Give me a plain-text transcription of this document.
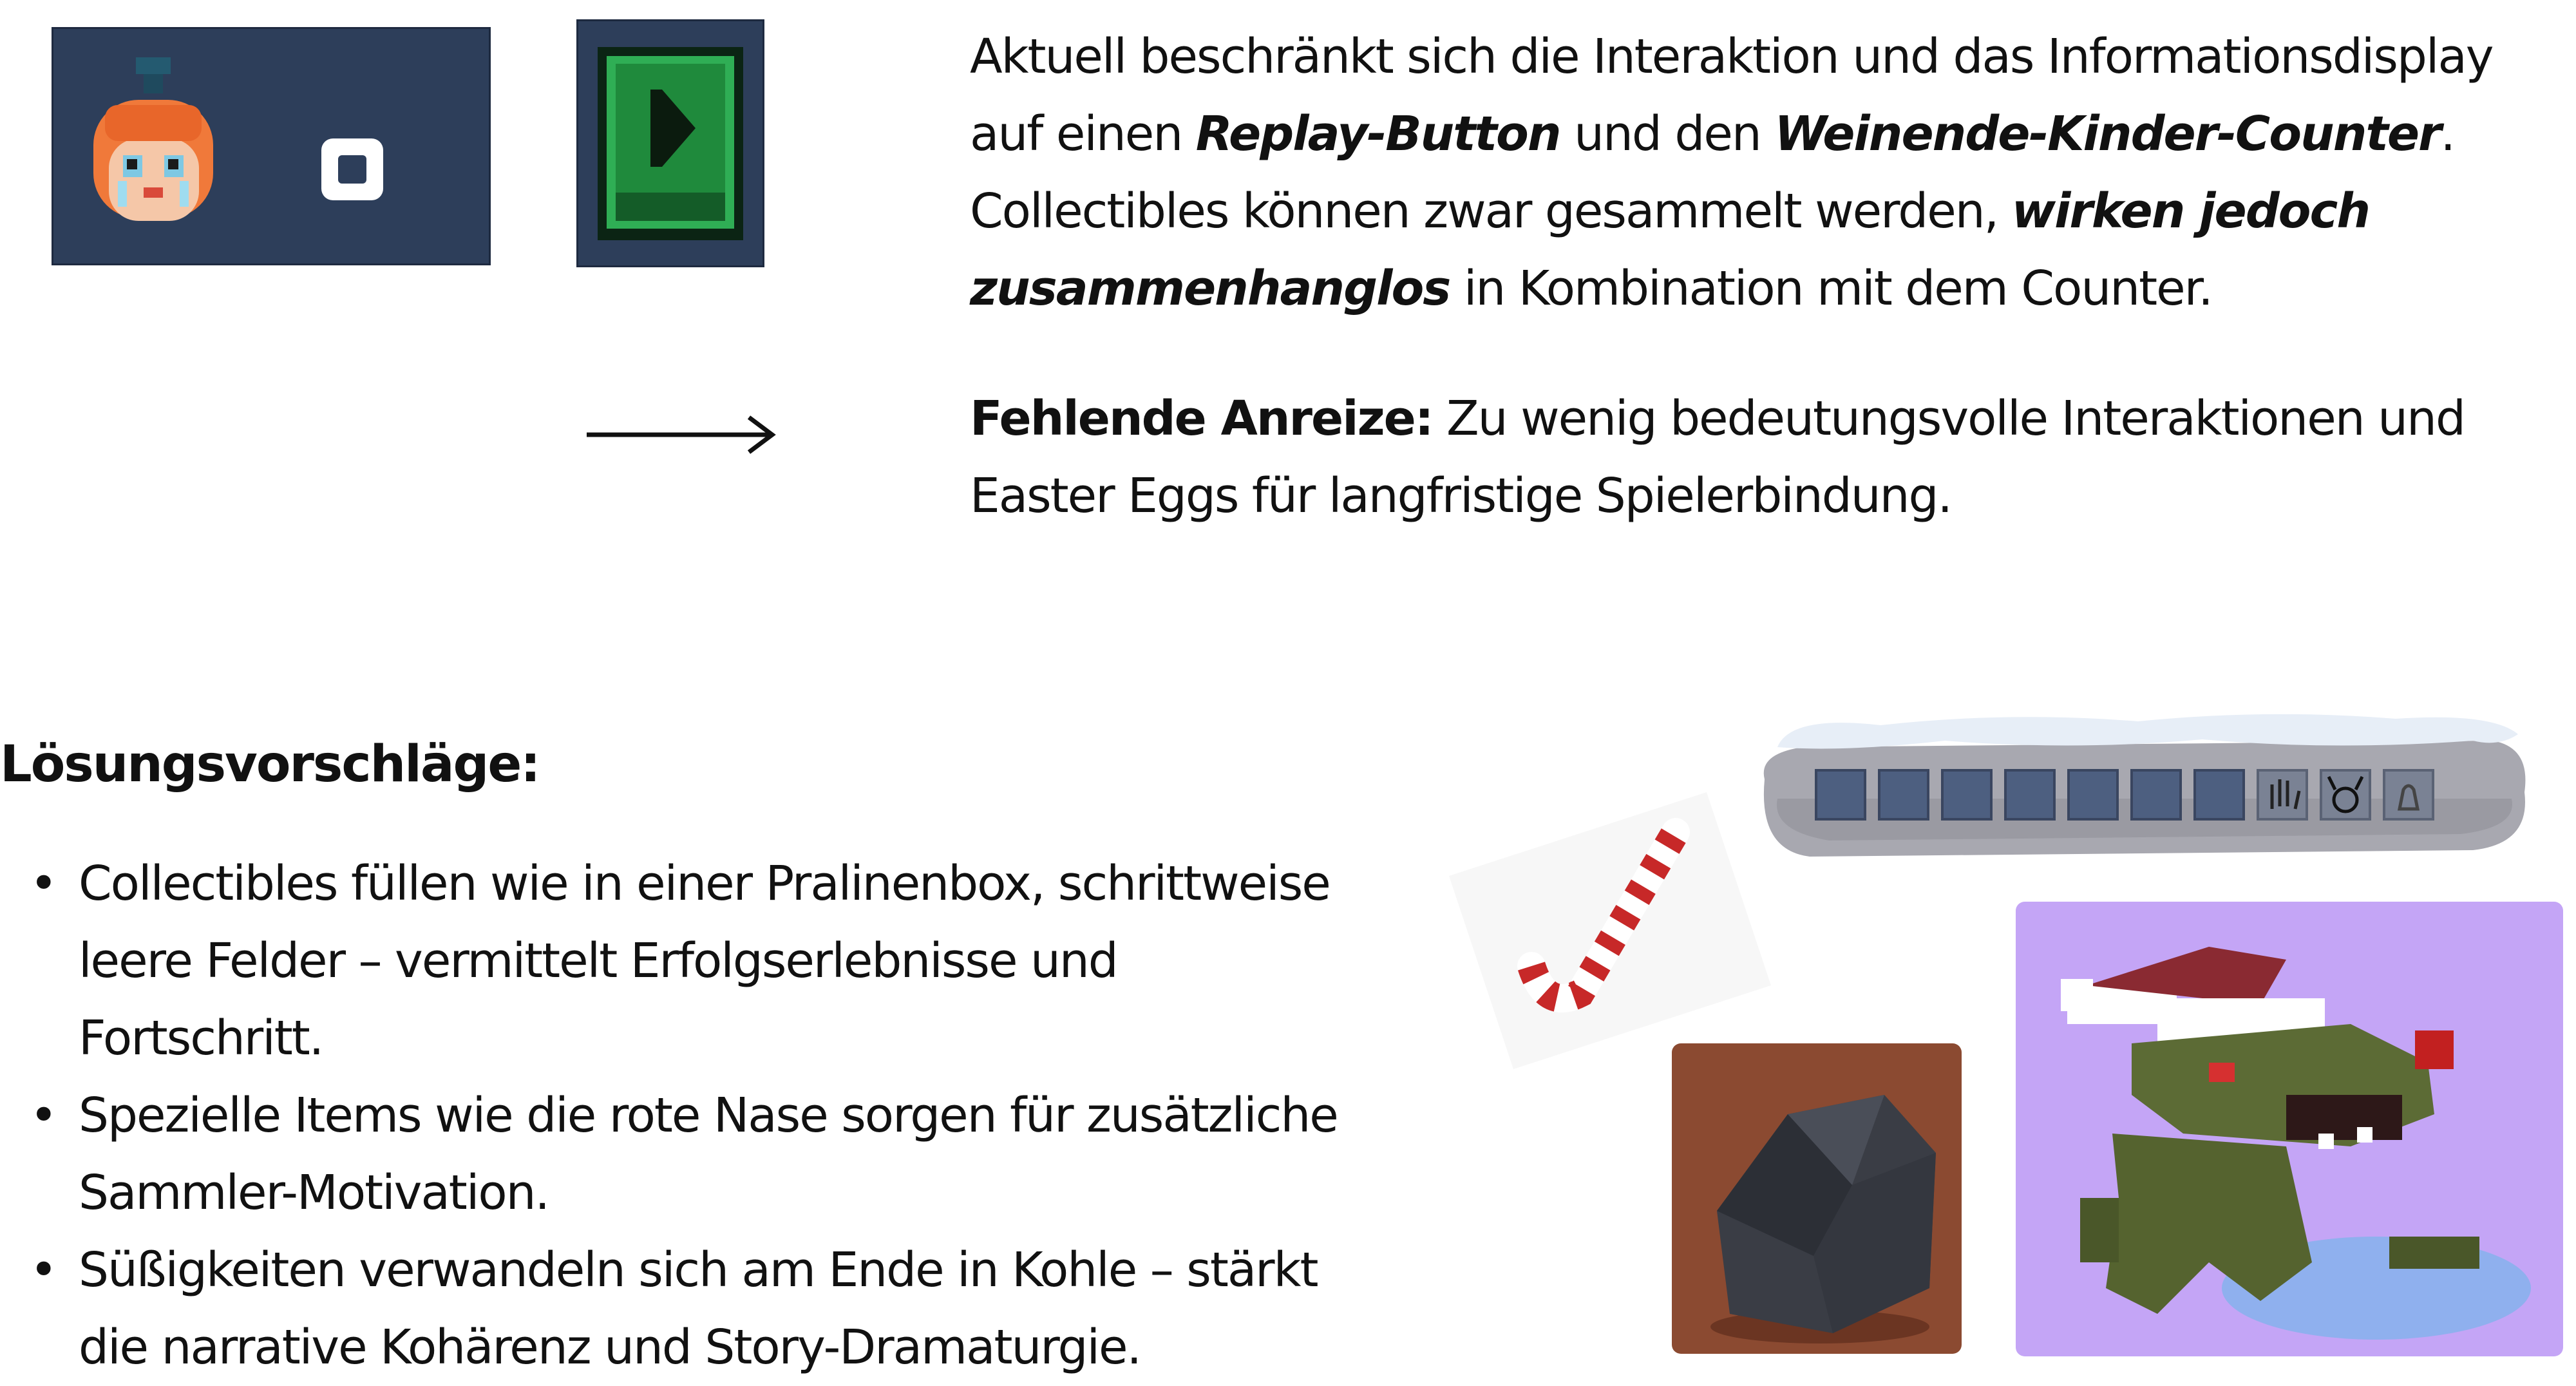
Aktuell beschränkt sich die Interaktion und das Informationsdisplay auf einen Replay-Button und den Weinende-Kinder-Counter. Collectibles können zwar gesammelt werden, wirken jedoch zusammenhanglos in Kombination mit dem Counter.

Fehlende Anreize: Zu wenig bedeutungsvolle Interaktionen und Easter Eggs für langfristige Spielerbindung.

Lösungsvorschläge:
• Collectibles füllen wie in einer Pralinenbox, schrittweise leere Felder – vermittelt Erfolgserlebnisse und Fortschritt.
• Spezielle Items wie die rote Nase sorgen für zusätzliche Sammler-Motivation.
• Süßigkeiten verwandeln sich am Ende in Kohle – stärkt die narrative Kohärenz und Story-Dramaturgie.
